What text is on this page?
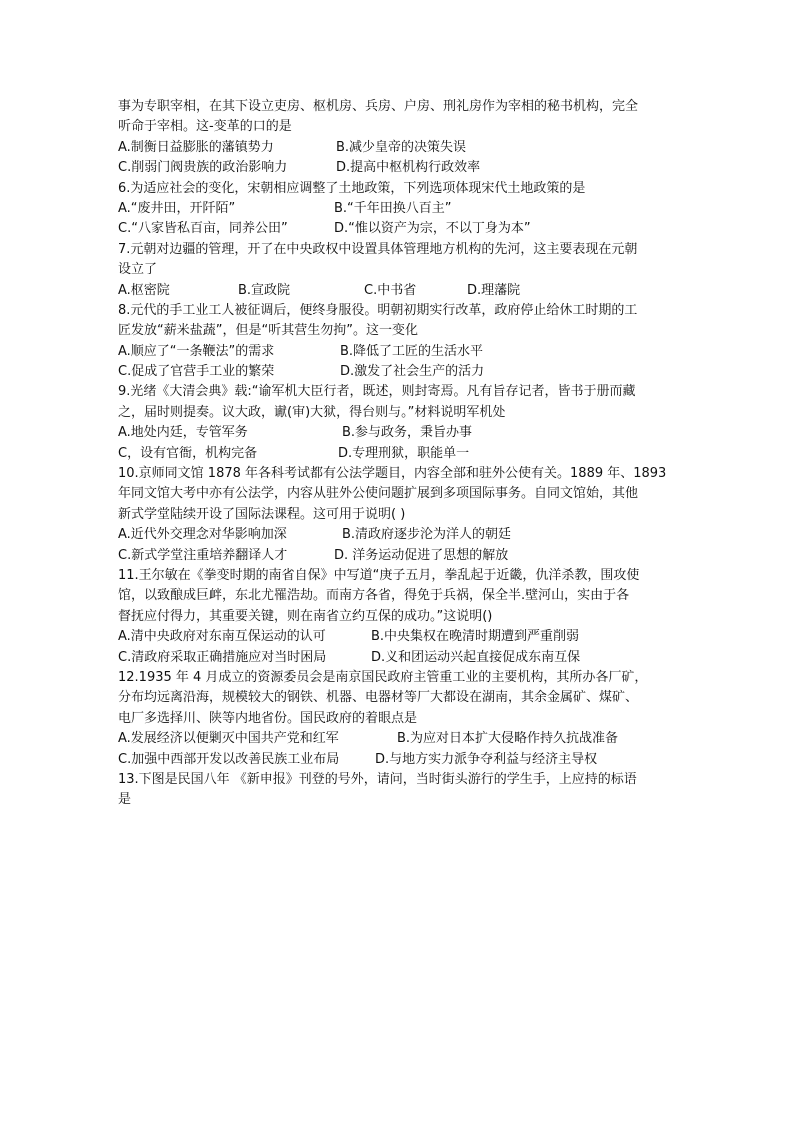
事为专职宰相，在其下设立吏房、枢机房、兵房、户房、刑礼房作为宰相的秘书机构，完全
听命于宰相。这-变革的口的是
A.制衡日益膨胀的藩镇势力	B.减少皇帝的决策失误
C.削弱门阀贵族的政治影响力	D.提高中枢机构行政效率
6.为适应社会的变化，宋朝相应调整了土地政策，下列选项体现宋代土地政策的是
A.“废井田，开阡陌”	B.“千年田换八百主”
C.“八家皆私百亩，同养公田”	D.“惟以资产为宗，不以丁身为本”
7.元朝对边疆的管理，开了在中央政权中设置具体管理地方机构的先河，这主要表现在元朝
设立了
A.枢密院	B.宣政院	C.中书省	D.理藩院
8.元代的手工业工人被征调后，便终身服役。明朝初期实行改革，政府停止给休工时期的工
匠发放“薪米盐蔬”，但是“听其营生勿拘”。这一变化
A.顺应了“一条鞭法”的需求	B.降低了工匠的生活水平
C.促成了官营手工业的繁荣	D.激发了社会生产的活力
9.光绪《大清会典》载:“谕军机大臣行者，既述，则封寄焉。凡有旨存记者，皆书于册而藏
之，届时则提奏。议大政，谳(审)大狱，得台则与。”材料说明军机处
A.地处内廷，专管军务	B.参与政务，秉旨办事
C，设有官衙，机构完备	D.专理刑狱，职能单一
10.京师同文馆 1878 年各科考试都有公法学题目，内容全部和驻外公使有关。1889 年、1893
年同文馆大考中亦有公法学，内容从驻外公使问题扩展到多项国际事务。自同文馆始，其他
新式学堂陆续开设了国际法课程。这可用于说明( )
A.近代外交理念对华影响加深	B.清政府逐步沦为洋人的朝廷
C.新式学堂注重培养翻译人才	D. 洋务运动促进了思想的解放
11.王尔敏在《拳变时期的南省自保》中写道“庚子五月，拳乱起于近畿，仇洋杀教，围攻使
馆，以致酿成巨衅，东北尤罹浩劫。而南方各省，得免于兵祸，保全半.壁河山，实由于各
督抚应付得力，其重要关键，则在南省立约互保的成功。”这说明()
A.清中央政府对东南互保运动的认可	B.中央集权在晚清时期遭到严重削弱
C.清政府采取正确措施应对当时困局	D.义和团运动兴起直接促成东南互保
12.1935 年 4 月成立的资源委员会是南京国民政府主管重工业的主要机构，其所办各厂矿，
分布均远离沿海，规模较大的钢铁、机器、电器材等厂大都设在湖南，其余金属矿、煤矿、
电厂多选择川、陕等内地省份。国民政府的着眼点是
A.发展经济以便剿灭中国共产党和红军	B.为应对日本扩大侵略作持久抗战准备
C.加强中西部开发以改善民族工业布局	D.与地方实力派争夺利益与经济主导权
13.下图是民国八年 《新申报》刊登的号外，请问，当时街头游行的学生手，上应持的标语
是
